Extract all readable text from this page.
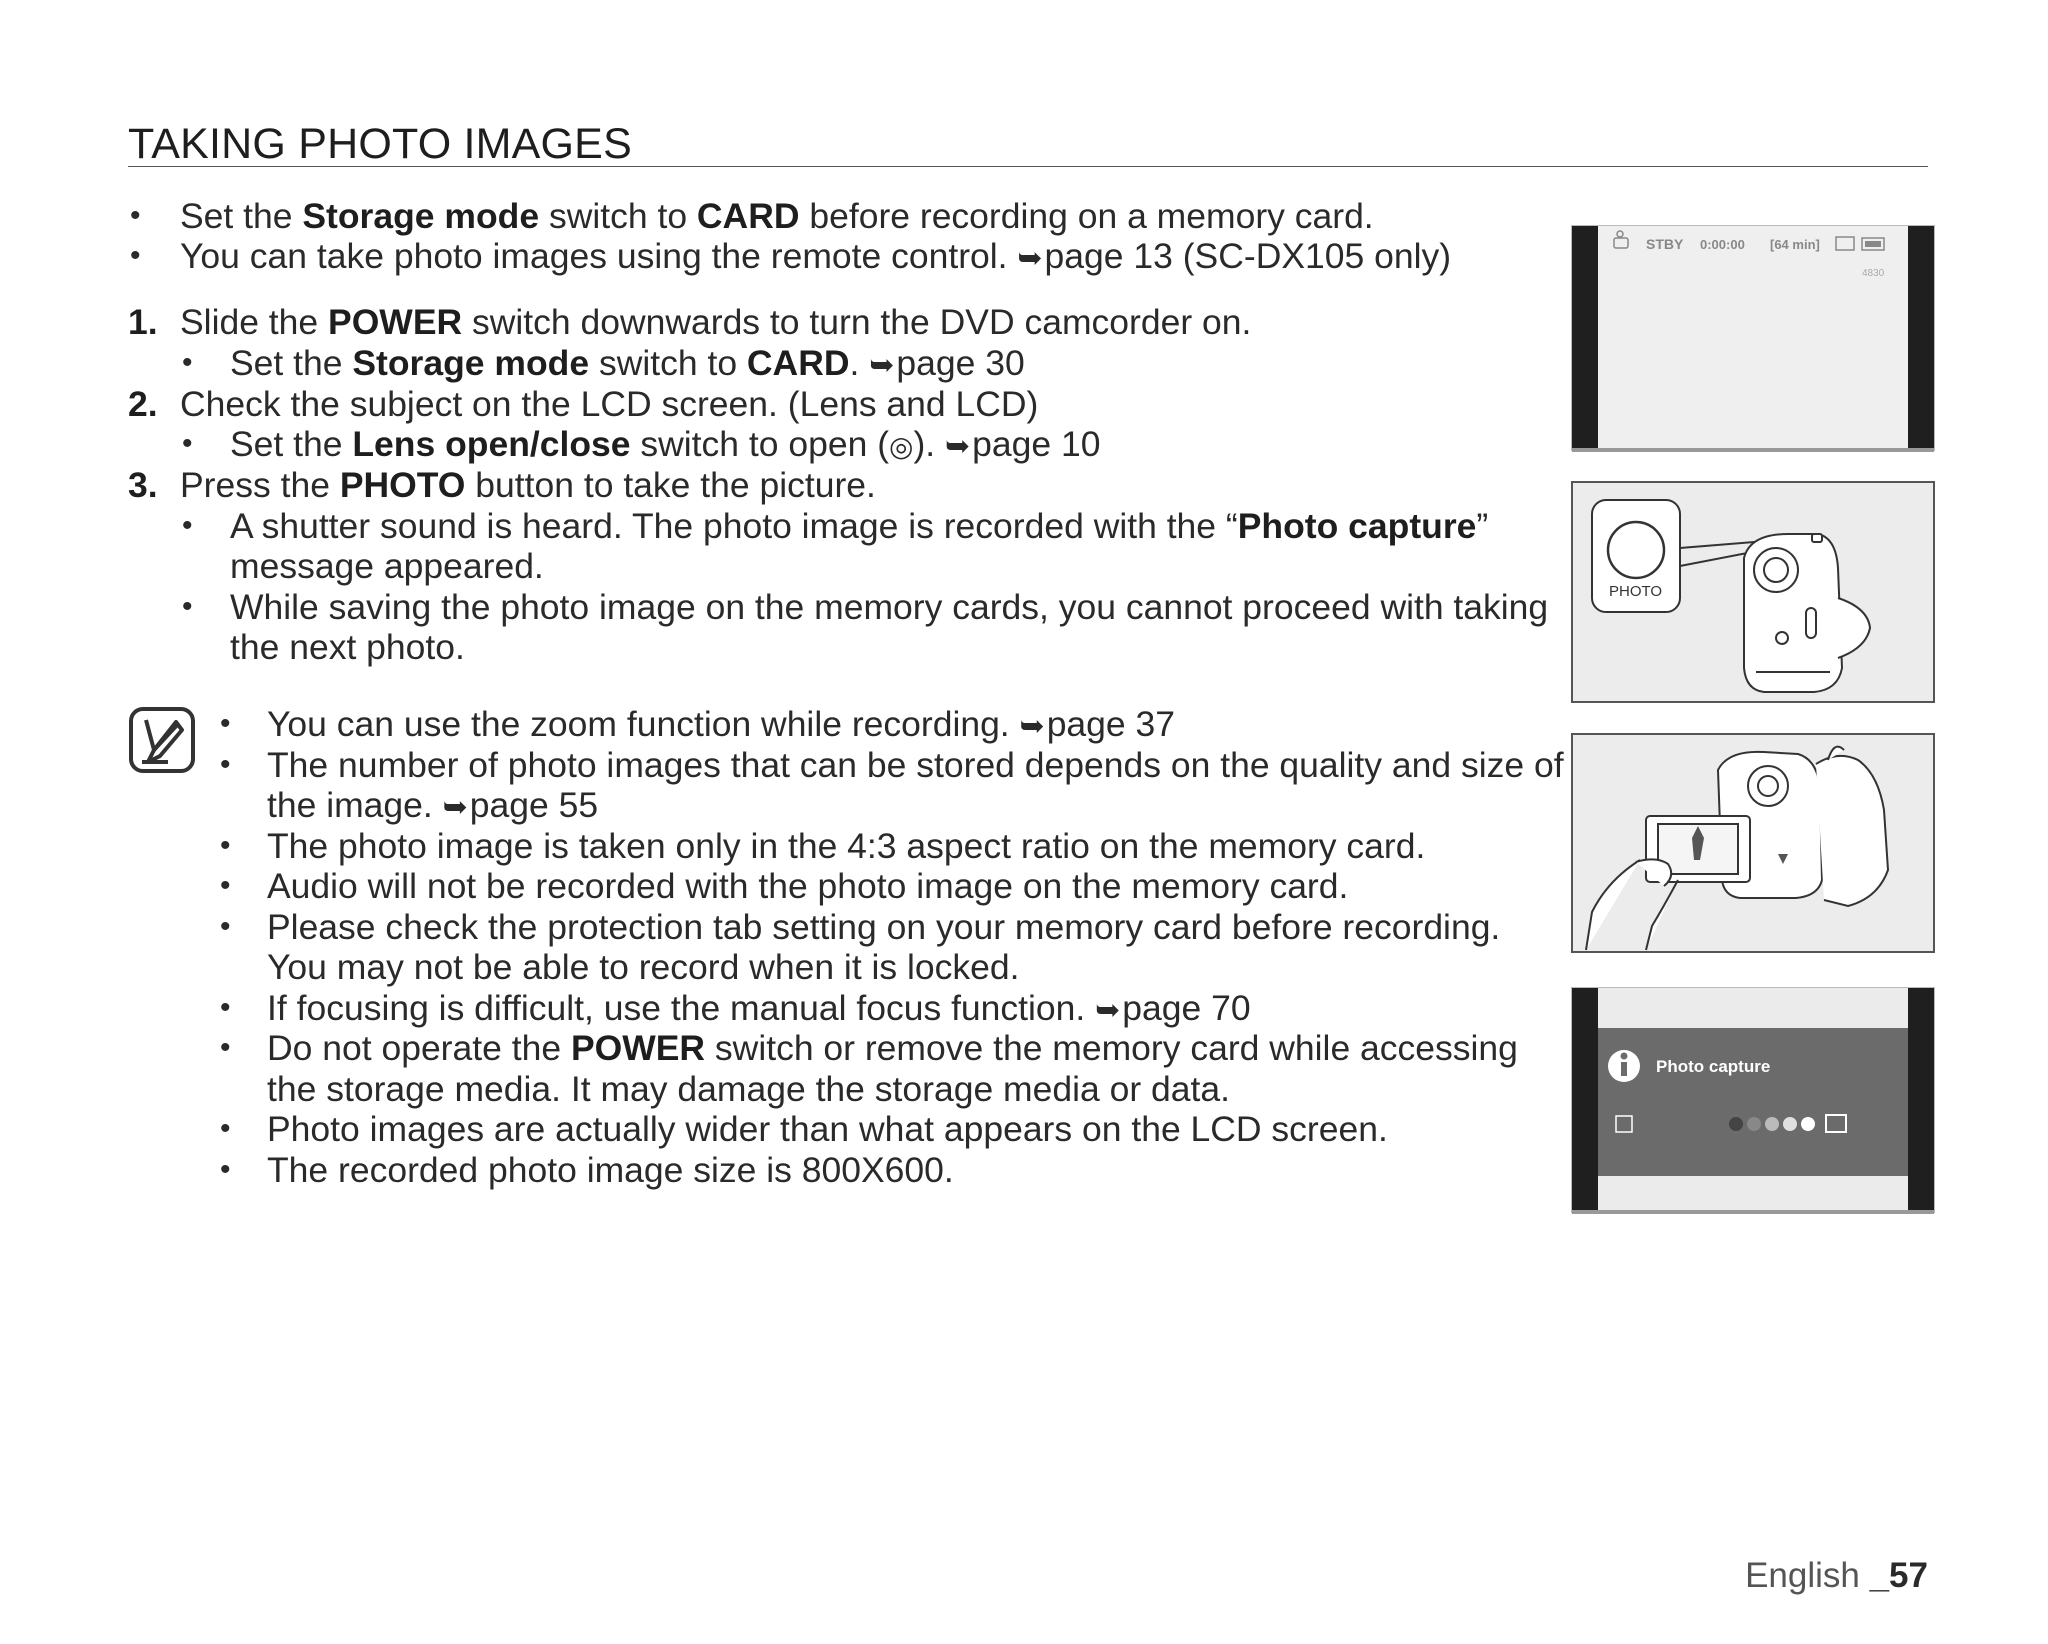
TAKING PHOTO IMAGES
• Set the Storage mode switch to CARD before recording on a memory card.
• You can take photo images using the remote control. ➥page 13 (SC-DX105 only)
1. Slide the POWER switch downwards to turn the DVD camcorder on.
• Set the Storage mode switch to CARD. ➥page 30
2. Check the subject on the LCD screen. (Lens and LCD)
• Set the Lens open/close switch to open (◎). ➥page 10
3. Press the PHOTO button to take the picture.
• A shutter sound is heard. The photo image is recorded with the “Photo capture”
message appeared.
• While saving the photo image on the memory cards, you cannot proceed with taking
the next photo.
• You can use the zoom function while recording. ➥page 37
• The number of photo images that can be stored depends on the quality and size of
the image. ➥page 55
• The photo image is taken only in the 4:3 aspect ratio on the memory card.
• Audio will not be recorded with the photo image on the memory card.
• Please check the protection tab setting on your memory card before recording.
You may not be able to record when it is locked.
• If focusing is difficult, use the manual focus function. ➥page 70
• Do not operate the POWER switch or remove the memory card while accessing
the storage media. It may damage the storage media or data.
• Photo images are actually wider than what appears on the LCD screen.
• The recorded photo image size is 800X600.
STBY 0:00:00 [64 min]
4830
PHOTO
Photo capture
English _57
